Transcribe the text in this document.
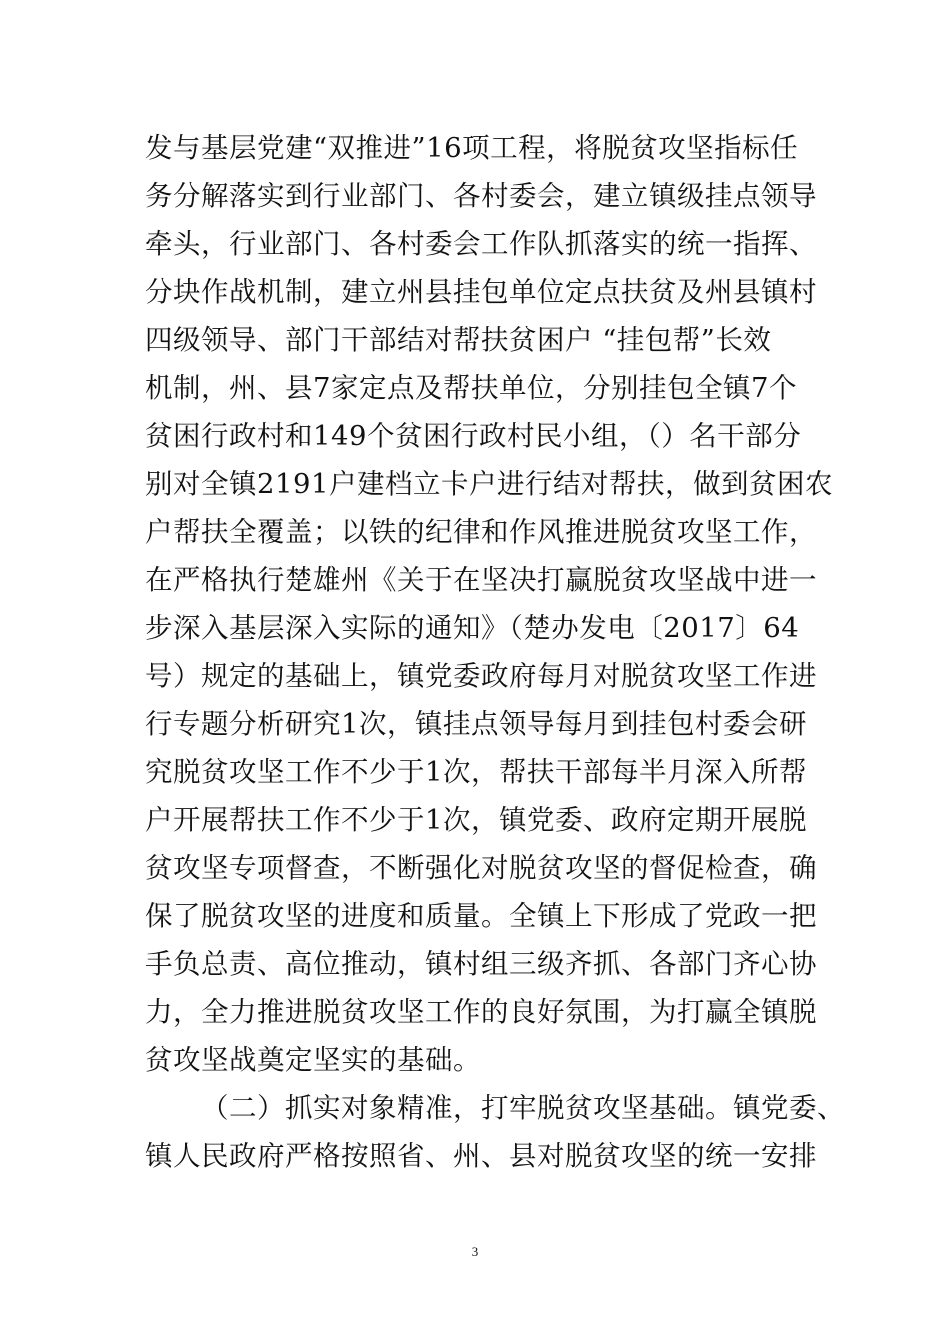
发与基层党建“双推进”16项工程，将脱贫攻坚指标任
务分解落实到行业部门、各村委会，建立镇级挂点领导
牵头，行业部门、各村委会工作队抓落实的统一指挥、
分块作战机制，建立州县挂包单位定点扶贫及州县镇村
四级领导、部门干部结对帮扶贫困户 “挂包帮”长效
机制，州、县7家定点及帮扶单位，分别挂包全镇7个
贫困行政村和149个贫困行政村民小组，（）名干部分
别对全镇2191户建档立卡户进行结对帮扶，做到贫困农
户帮扶全覆盖；以铁的纪律和作风推进脱贫攻坚工作，
在严格执行楚雄州《关于在坚决打赢脱贫攻坚战中进一
步深入基层深入实际的通知》（楚办发电〔2017〕64
号）规定的基础上，镇党委政府每月对脱贫攻坚工作进
行专题分析研究1次，镇挂点领导每月到挂包村委会研
究脱贫攻坚工作不少于1次，帮扶干部每半月深入所帮
户开展帮扶工作不少于1次，镇党委、政府定期开展脱
贫攻坚专项督查，不断强化对脱贫攻坚的督促检查，确
保了脱贫攻坚的进度和质量。全镇上下形成了党政一把
手负总责、高位推动，镇村组三级齐抓、各部门齐心协
力，全力推进脱贫攻坚工作的良好氛围，为打赢全镇脱
贫攻坚战奠定坚实的基础。
（二）抓实对象精准，打牢脱贫攻坚基础。镇党委、
镇人民政府严格按照省、州、县对脱贫攻坚的统一安排
3
